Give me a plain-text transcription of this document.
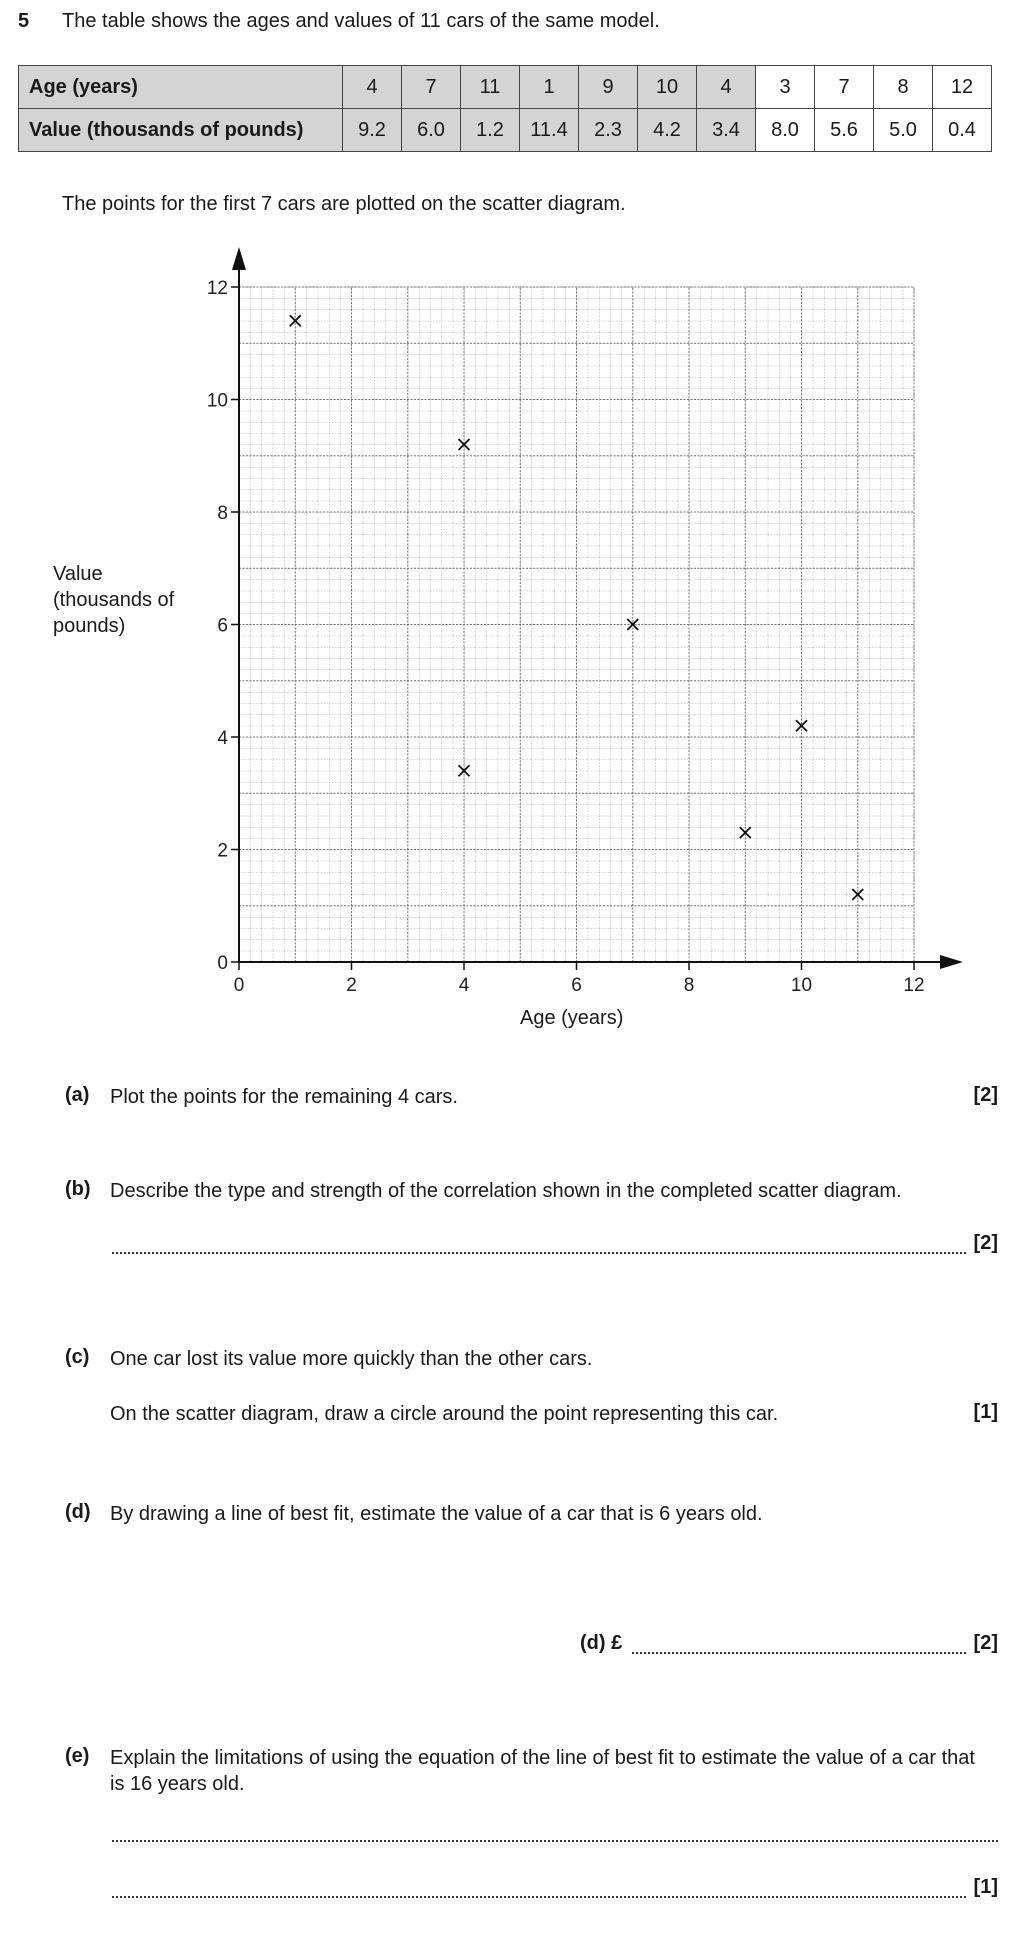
5 The table shows the ages and values of 11 cars of the same model.
Age (years)	4	7	11	1	9	10	4	3	7	8	12
Value (thousands of pounds)	9.2	6.0	1.2	11.4	2.3	4.2	3.4	8.0	5.6	5.0	0.4
The points for the first 7 cars are plotted on the scatter diagram.
0	2	4	6	8	10	12
0
2
4
6
8
10
12
Value (thousands of pounds)
Age (years)
(a) Plot the points for the remaining 4 cars.	[2]
(b) Describe the type and strength of the correlation shown in the completed scatter diagram.
[2]
(c) One car lost its value more quickly than the other cars.
On the scatter diagram, draw a circle around the point representing this car.	[1]
(d) By drawing a line of best fit, estimate the value of a car that is 6 years old.
(d) £	[2]
(e) Explain the limitations of using the equation of the line of best fit to estimate the value of a car that is 16 years old.
[1]
